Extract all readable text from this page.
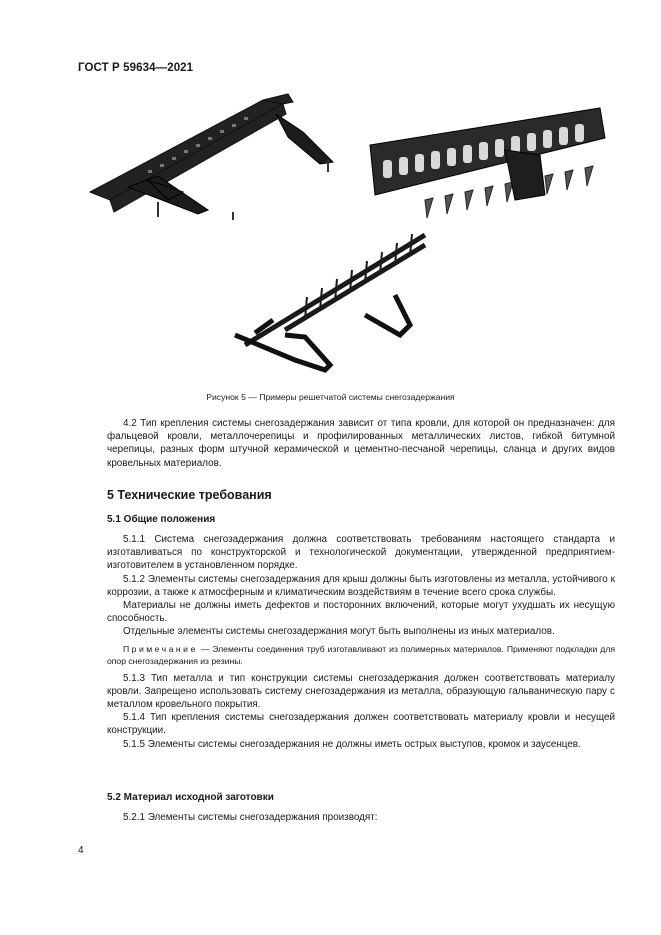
ГОСТ Р 59634—2021
Рисунок 5 — Примеры решетчатой системы снегозадержания

4.2 Тип крепления системы снегозадержания зависит от типа кровли, для которой он предназначен: для фальцевой кровли, металлочерепицы и профилированных металлических листов, гибкой битумной черепицы, разных форм штучной керамической и цементно-песчаной черепицы, сланца и других видов кровельных материалов.

5 Технические требования
5.1 Общие положения

5.1.1 Система снегозадержания должна соответствовать требованиям настоящего стандарта и изготавливаться по конструкторской и технологической документации, утвержденной предприятием-изготовителем в установленном порядке.

5.1.2 Элементы системы снегозадержания для крыш должны быть изготовлены из металла, устойчивого к коррозии, а также к атмосферным и климатическим воздействиям в течение всего срока службы.

Материалы не должны иметь дефектов и посторонних включений, которые могут ухудшать их несущую способность.

Отдельные элементы системы снегозадержания могут быть выполнены из иных материалов.

Примечание — Элементы соединения труб изготавливают из полимерных материалов. Применяют подкладки для опор снегозадержания из резины.

5.1.3 Тип металла и тип конструкции системы снегозадержания должен соответствовать материалу кровли. Запрещено использовать систему снегозадержания из металла, образующую гальваническую пару с металлом кровельного покрытия.

5.1.4 Тип крепления системы снегозадержания должен соответствовать материалу кровли и несущей конструкции.

5.1.5 Элементы системы снегозадержания не должны иметь острых выступов, кромок и заусенцев.

5.2 Материал исходной заготовки

5.2.1 Элементы системы снегозадержания производят:

4
